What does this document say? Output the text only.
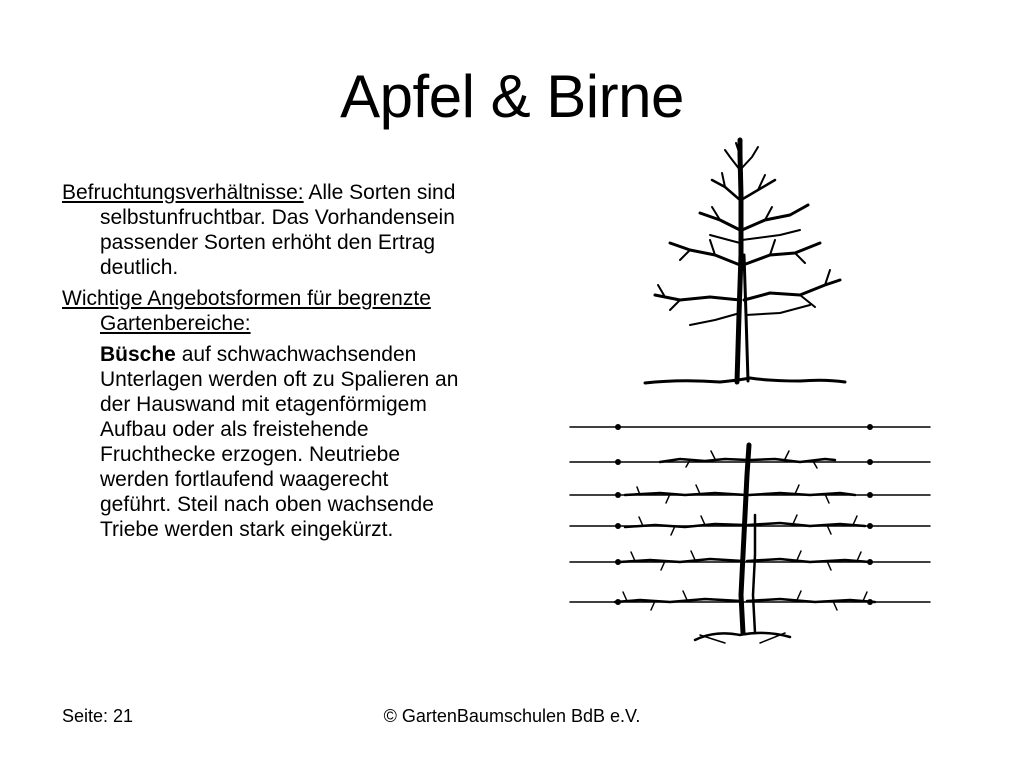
Apfel & Birne

Befruchtungsverhältnisse: Alle Sorten sind selbstunfruchtbar. Das Vorhandensein passender Sorten erhöht den Ertrag deutlich.

Wichtige Angebotsformen für begrenzte Gartenbereiche:

Büsche auf schwachwachsenden Unterlagen werden oft zu Spalieren an der Hauswand mit etagenförmigem Aufbau oder als freistehende Fruchthecke erzogen. Neutriebe werden fortlaufend waagerecht geführt. Steil nach oben wachsende Triebe werden stark eingekürzt.

Seite: 21	© GartenBaumschulen BdB e.V.
